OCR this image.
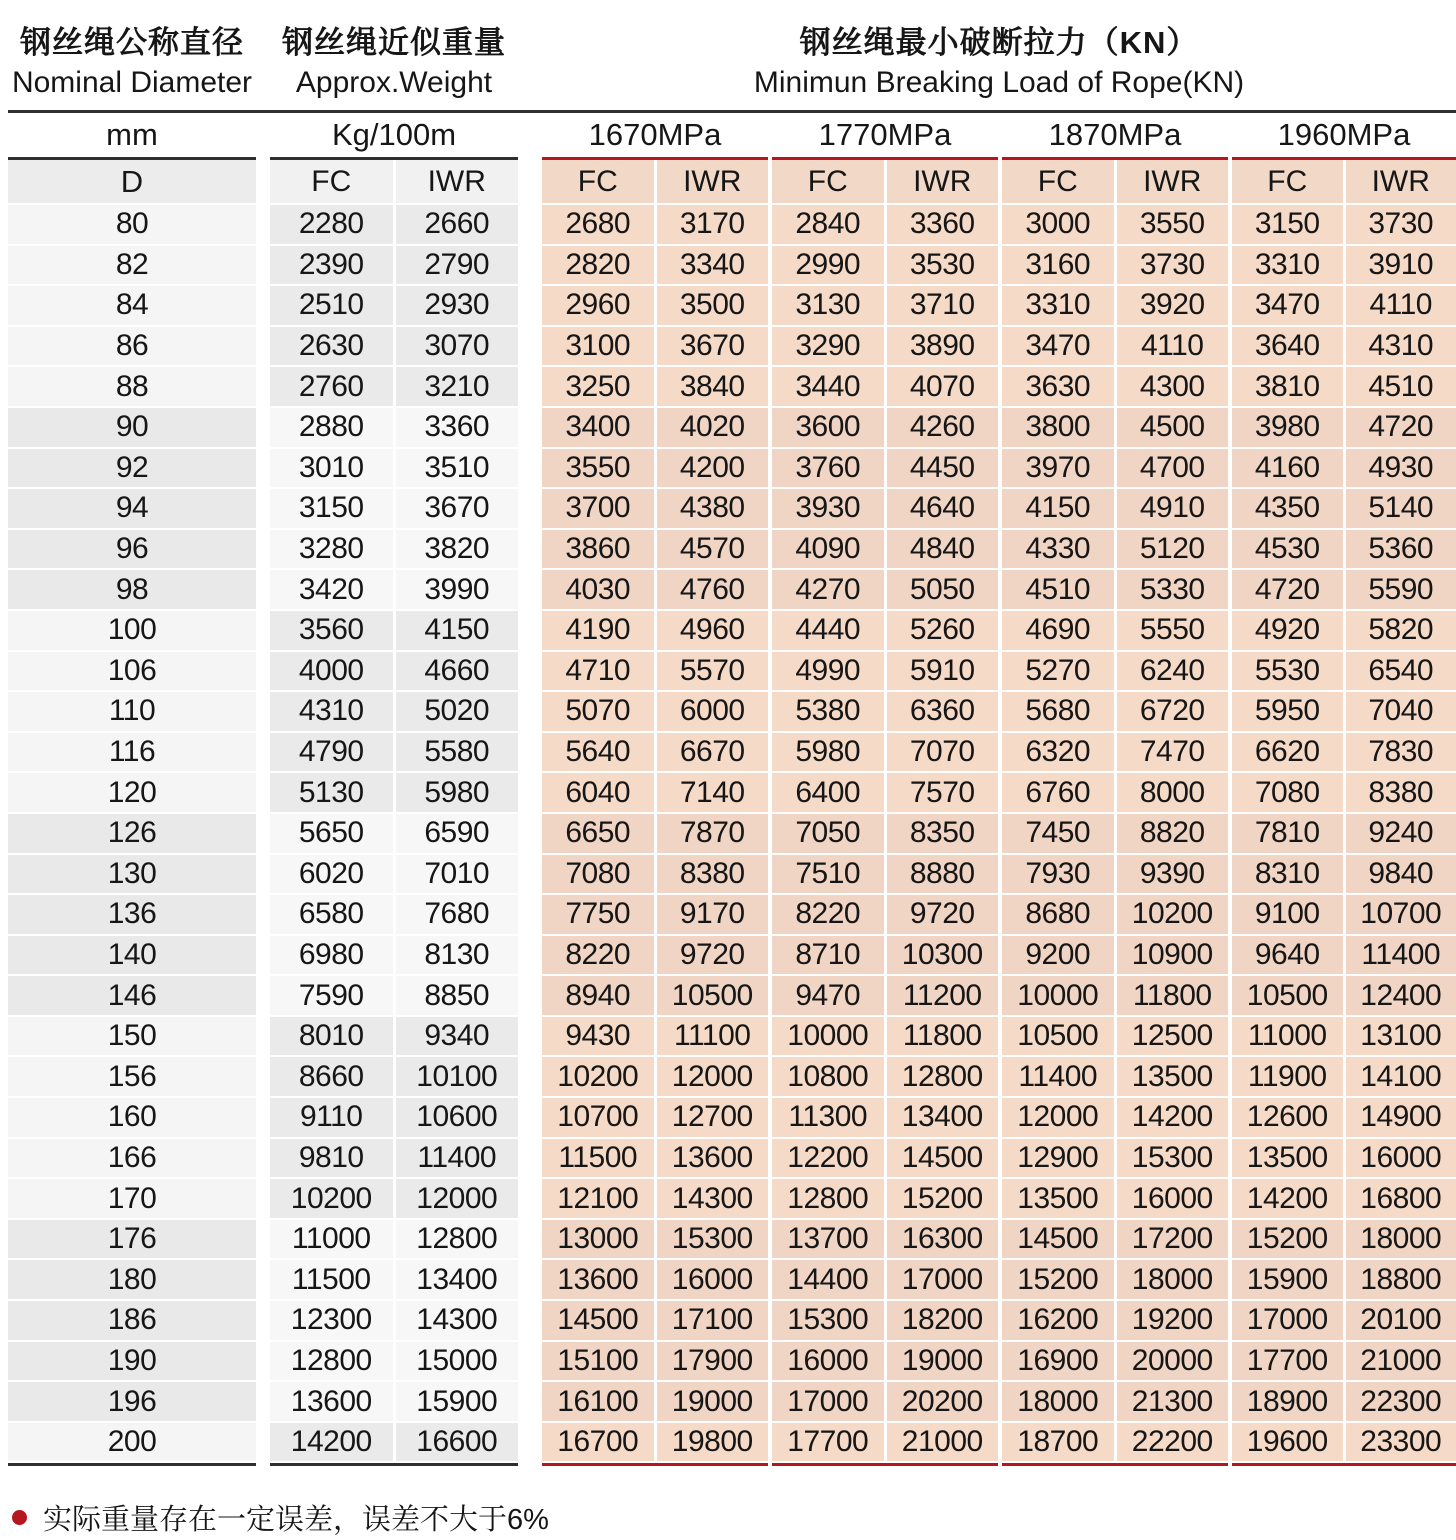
钢丝绳公称直径
Nominal Diameter
钢丝绳近似重量
Approx.Weight
钢丝绳最小破断拉力（KN）
Minimun Breaking Load of Rope(KN)
mm	Kg/100m	1670MPa	1770MPa	1870MPa	1960MPa
D	FC	IWR	FC	IWR	FC	IWR	FC	IWR	FC	IWR
80	2280	2660	2680	3170	2840	3360	3000	3550	3150	3730
82	2390	2790	2820	3340	2990	3530	3160	3730	3310	3910
84	2510	2930	2960	3500	3130	3710	3310	3920	3470	4110
86	2630	3070	3100	3670	3290	3890	3470	4110	3640	4310
88	2760	3210	3250	3840	3440	4070	3630	4300	3810	4510
90	2880	3360	3400	4020	3600	4260	3800	4500	3980	4720
92	3010	3510	3550	4200	3760	4450	3970	4700	4160	4930
94	3150	3670	3700	4380	3930	4640	4150	4910	4350	5140
96	3280	3820	3860	4570	4090	4840	4330	5120	4530	5360
98	3420	3990	4030	4760	4270	5050	4510	5330	4720	5590
100	3560	4150	4190	4960	4440	5260	4690	5550	4920	5820
106	4000	4660	4710	5570	4990	5910	5270	6240	5530	6540
110	4310	5020	5070	6000	5380	6360	5680	6720	5950	7040
116	4790	5580	5640	6670	5980	7070	6320	7470	6620	7830
120	5130	5980	6040	7140	6400	7570	6760	8000	7080	8380
126	5650	6590	6650	7870	7050	8350	7450	8820	7810	9240
130	6020	7010	7080	8380	7510	8880	7930	9390	8310	9840
136	6580	7680	7750	9170	8220	9720	8680	10200	9100	10700
140	6980	8130	8220	9720	8710	10300	9200	10900	9640	11400
146	7590	8850	8940	10500	9470	11200	10000	11800	10500	12400
150	8010	9340	9430	11100	10000	11800	10500	12500	11000	13100
156	8660	10100	10200	12000	10800	12800	11400	13500	11900	14100
160	9110	10600	10700	12700	11300	13400	12000	14200	12600	14900
166	9810	11400	11500	13600	12200	14500	12900	15300	13500	16000
170	10200	12000	12100	14300	12800	15200	13500	16000	14200	16800
176	11000	12800	13000	15300	13700	16300	14500	17200	15200	18000
180	11500	13400	13600	16000	14400	17000	15200	18000	15900	18800
186	12300	14300	14500	17100	15300	18200	16200	19200	17000	20100
190	12800	15000	15100	17900	16000	19000	16900	20000	17700	21000
196	13600	15900	16100	19000	17000	20200	18000	21300	18900	22300
200	14200	16600	16700	19800	17700	21000	18700	22200	19600	23300
实际重量存在一定误差，误差不大于6%
